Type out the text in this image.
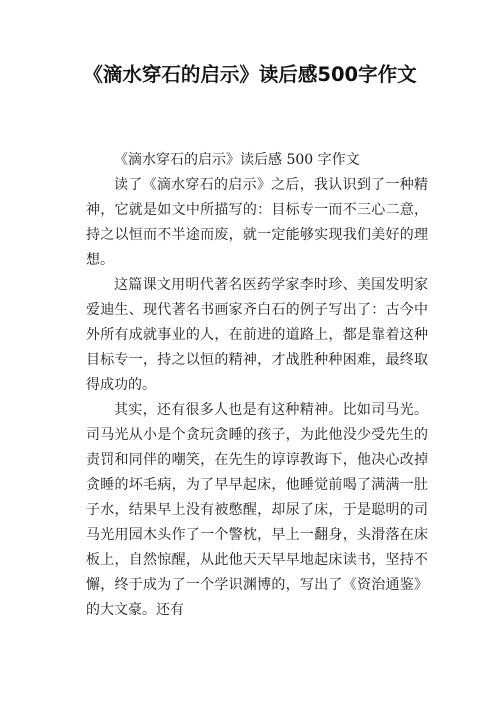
《滴水穿石的启示》读后感500字作文

《滴水穿石的启示》读后感 500 字作文

读了《滴水穿石的启示》之后，我认识到了一种精神，它就是如文中所描写的：目标专一而不三心二意，持之以恒而不半途而废，就一定能够实现我们美好的理想。

这篇课文用明代著名医药学家李时珍、美国发明家爱迪生、现代著名书画家齐白石的例子写出了：古今中外所有成就事业的人，在前进的道路上，都是靠着这种目标专一，持之以恒的精神，才战胜种种困难，最终取得成功的。

其实，还有很多人也是有这种精神。比如司马光。司马光从小是个贪玩贪睡的孩子，为此他没少受先生的责罚和同伴的嘲笑，在先生的谆谆教诲下，他决心改掉贪睡的坏毛病，为了早早起床，他睡觉前喝了满满一肚子水，结果早上没有被憋醒，却尿了床，于是聪明的司马光用园木头作了一个警枕，早上一翻身，头滑落在床板上，自然惊醒，从此他天天早早地起床读书，坚持不懈，终于成为了一个学识渊博的，写出了《资治通鉴》的大文豪。还有
